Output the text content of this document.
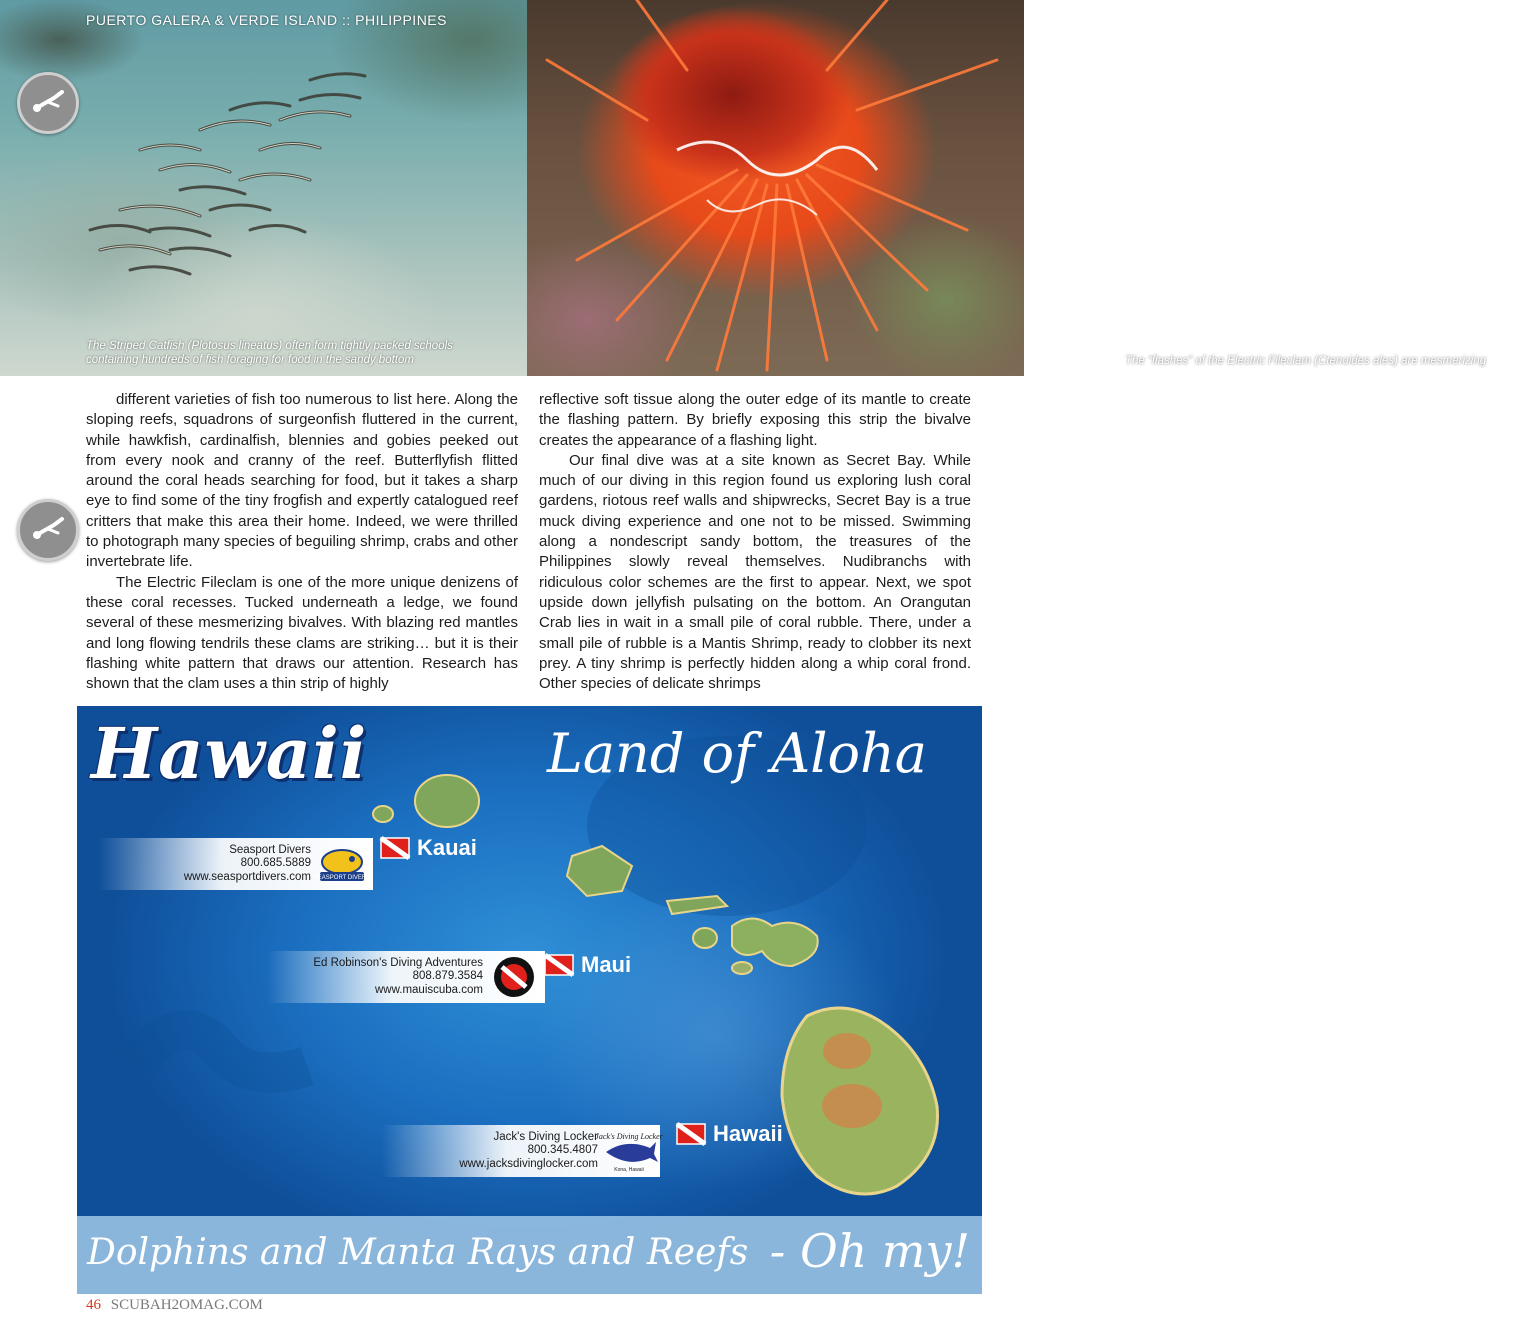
PUERTO GALERA & VERDE ISLAND :: PHILIPPINES
The Striped Catfish (Plotosus lineatus) often form tightly packed schools
containing hundreds of fish foraging for food in the sandy bottom	The “flashes” of the Electric Fileclam (Ctenoides ales) are mesmerizing

different varieties of fish too numerous to list here. Along the sloping reefs, squadrons of surgeonfish fluttered in the current, while hawkfish, cardinalfish, blennies and gobies peeked out from every nook and cranny of the reef. Butterflyfish flitted around the coral heads searching for food, but it takes a sharp eye to find some of the tiny frogfish and expertly catalogued reef critters that make this area their home. Indeed, we were thrilled to photograph many species of beguiling shrimp, crabs and other invertebrate life.

The Electric Fileclam is one of the more unique denizens of these coral recesses. Tucked underneath a ledge, we found several of these mesmerizing bivalves. With blazing red mantles and long flowing tendrils these clams are striking… but it is their flashing white pattern that draws our attention. Research has shown that the clam uses a thin strip of highly

reflective soft tissue along the outer edge of its mantle to create the flashing pattern. By briefly exposing this strip the bivalve creates the appearance of a flashing light.

Our final dive was at a site known as Secret Bay. While much of our diving in this region found us exploring lush coral gardens, riotous reef walls and shipwrecks, Secret Bay is a true muck diving experience and one not to be missed. Swimming along a nondescript sandy bottom, the treasures of the Philippines slowly reveal themselves. Nudibranchs with ridiculous color schemes are the first to appear. Next, we spot upside down jellyfish pulsating on the bottom. An Orangutan Crab lies in wait in a small pile of coral rubble. There, under a small pile of rubble is a Mantis Shrimp, ready to clobber its next prey. A tiny shrimp is perfectly hidden along a whip coral frond. Other species of delicate shrimps

Hawaii	Land of Aloha
Seasport Divers
800.685.5889
www.seasportdivers.com SEASPORT DIVERS
Kauai
Ed Robinson's Diving Adventures
808.879.3584
www.mauiscuba.com
Maui
Jack's Diving Locker
800.345.4807
www.jacksdivinglocker.com
Jack's Diving Locker
Kona, Hawaii
Hawaii
Dolphins and Manta Rays and Reefs - Oh my!
46 SCUBAH2OMAG.COM
